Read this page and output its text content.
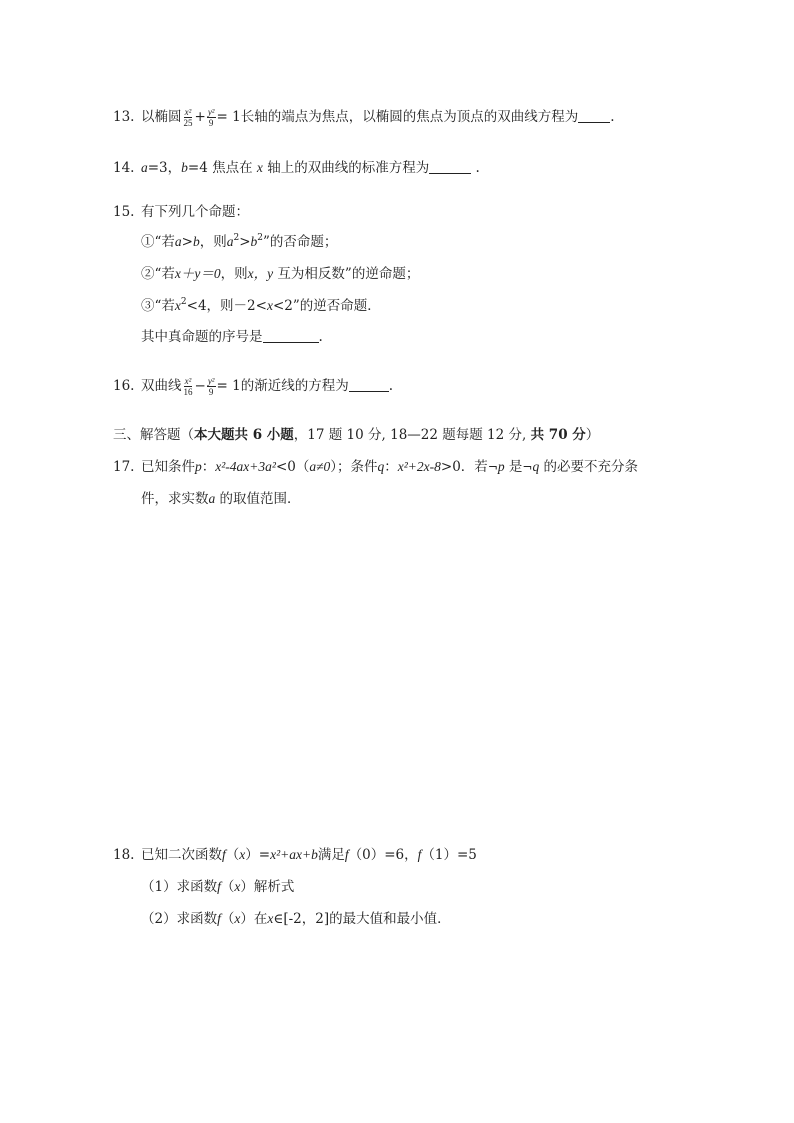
13. 以椭圆 $\frac{\text{x²}}{25} + \frac{\text{y²}}{9} = 1$长轴的端点为焦点，以椭圆的焦点为顶点的双曲线方程为 .
14. a=3，b=4 焦点在 x 轴上的双曲线的标准方程为	.
15. 有下列几个命题：
①“若a>b，则$a^2>b^2$”的否命题；
②“若x＋y＝0，则x，y 互为相反数”的逆命题；
③“若$x^2<4$，则－2<x<2”的逆否命题．
其中真命题的序号是	.
16. 双曲线 $\frac{\text{x²}}{16} - \frac{\text{y²}}{9} = 1$的渐近线的方程为	.
三、解答题（本大题共 6 小题，17 题 10 分, 18—22 题每题 12 分, 共 70 分）
17. 已知条件p：x²-4ax+3a²<0（a≠0）；条件q：x²+2x-8>0．若¬p 是¬q 的必要不充分条
件，求实数a 的取值范围．
18. 已知二次函数f（x）=x²+ax+b满足f（0）=6，f（1）=5
（1）求函数f（x）解析式
（2）求函数f（x）在x∈[-2，2]的最大值和最小值．
